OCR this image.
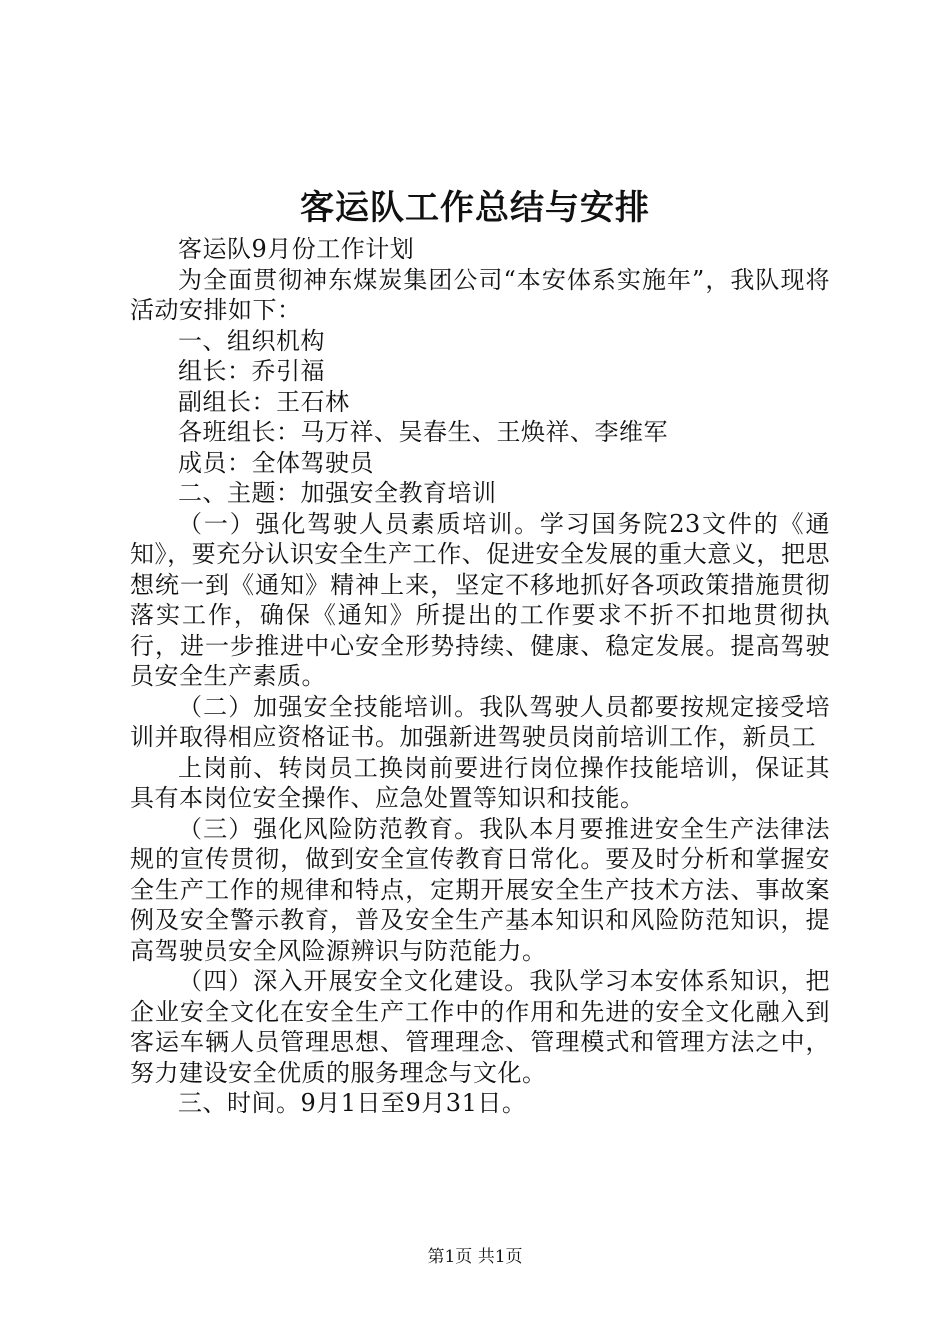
客运队工作总结与安排

客运队9月份工作计划

为全面贯彻神东煤炭集团公司“本安体系实施年”，我队现将活动安排如下：

一、组织机构

组长：乔引福

副组长：王石林

各班组长：马万祥、吴春生、王焕祥、李维军

成员：全体驾驶员

二、主题：加强安全教育培训

（一）强化驾驶人员素质培训。学习国务院23文件的《通知》，要充分认识安全生产工作、促进安全发展的重大意义，把思想统一到《通知》精神上来，坚定不移地抓好各项政策措施贯彻落实工作，确保《通知》所提出的工作要求不折不扣地贯彻执行，进一步推进中心安全形势持续、健康、稳定发展。提高驾驶员安全生产素质。

（二）加强安全技能培训。我队驾驶人员都要按规定接受培训并取得相应资格证书。加强新进驾驶员岗前培训工作，新员工

上岗前、转岗员工换岗前要进行岗位操作技能培训，保证其具有本岗位安全操作、应急处置等知识和技能。

（三）强化风险防范教育。我队本月要推进安全生产法律法规的宣传贯彻，做到安全宣传教育日常化。要及时分析和掌握安全生产工作的规律和特点，定期开展安全生产技术方法、事故案例及安全警示教育，普及安全生产基本知识和风险防范知识，提高驾驶员安全风险源辨识与防范能力。

（四）深入开展安全文化建设。我队学习本安体系知识，把企业安全文化在安全生产工作中的作用和先进的安全文化融入到客运车辆人员管理思想、管理理念、管理模式和管理方法之中，努力建设安全优质的服务理念与文化。

三、时间。9月1日至9月31日。

第1页 共1页
